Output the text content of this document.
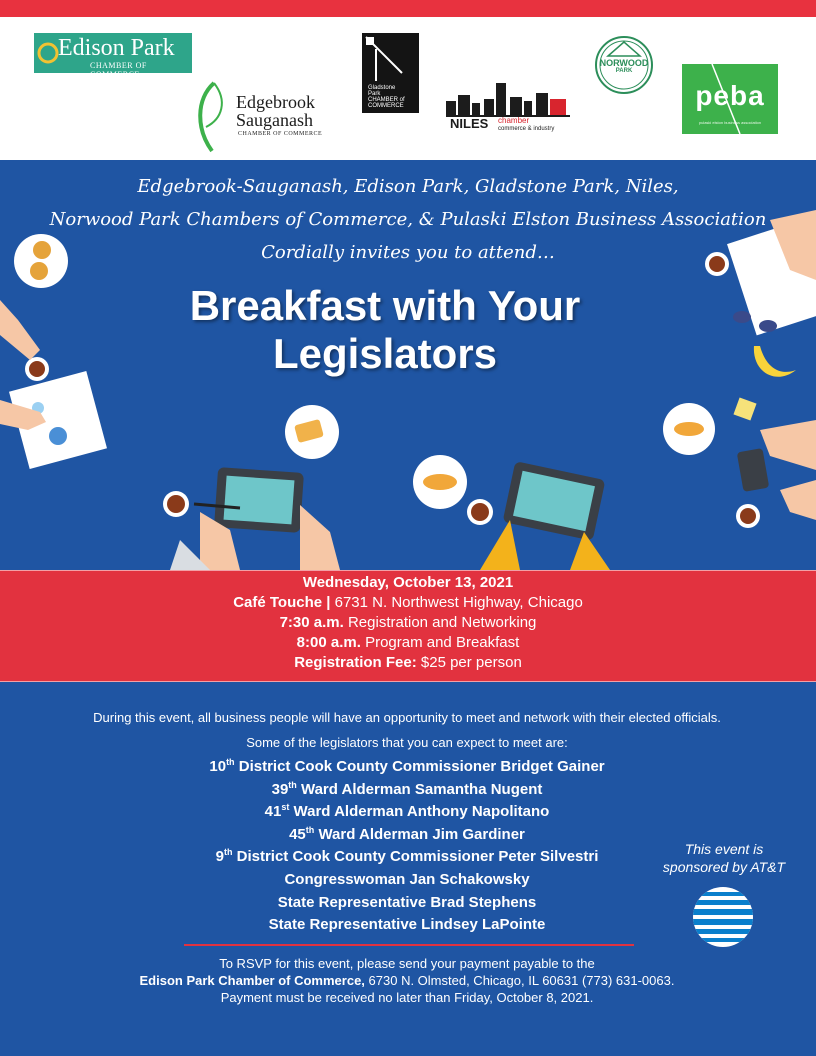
Edison Park
CHAMBER OF COMMERCE
Edgebrook
Sauganash
CHAMBER OF COMMERCE
Gladstone
Park
CHAMBER of
COMMERCE
NILES chamber
commerce & industry
NORWOOD
PARK
peba
pulaski elston business association
Edgebrook-Sauganash, Edison Park, Gladstone Park, Niles,
Norwood Park Chambers of Commerce, & Pulaski Elston Business Association
Cordially invites you to attend…
Breakfast with Your
Legislators
Wednesday, October 13, 2021
Café Touche | 6731 N. Northwest Highway, Chicago
7:30 a.m. Registration and Networking
8:00 a.m. Program and Breakfast
Registration Fee: $25 per person
During this event, all business people will have an opportunity to meet and network with their elected officials.
Some of the legislators that you can expect to meet are:
10th District Cook County Commissioner Bridget Gainer
39th Ward Alderman Samantha Nugent
41st Ward Alderman Anthony Napolitano
45th Ward Alderman Jim Gardiner
9th District Cook County Commissioner Peter Silvestri
Congresswoman Jan Schakowsky
State Representative Brad Stephens
State Representative Lindsey LaPointe
This event is
sponsored by AT&T
To RSVP for this event, please send your payment payable to the
Edison Park Chamber of Commerce, 6730 N. Olmsted, Chicago, IL 60631 (773) 631-0063.
Payment must be received no later than Friday, October 8, 2021.
